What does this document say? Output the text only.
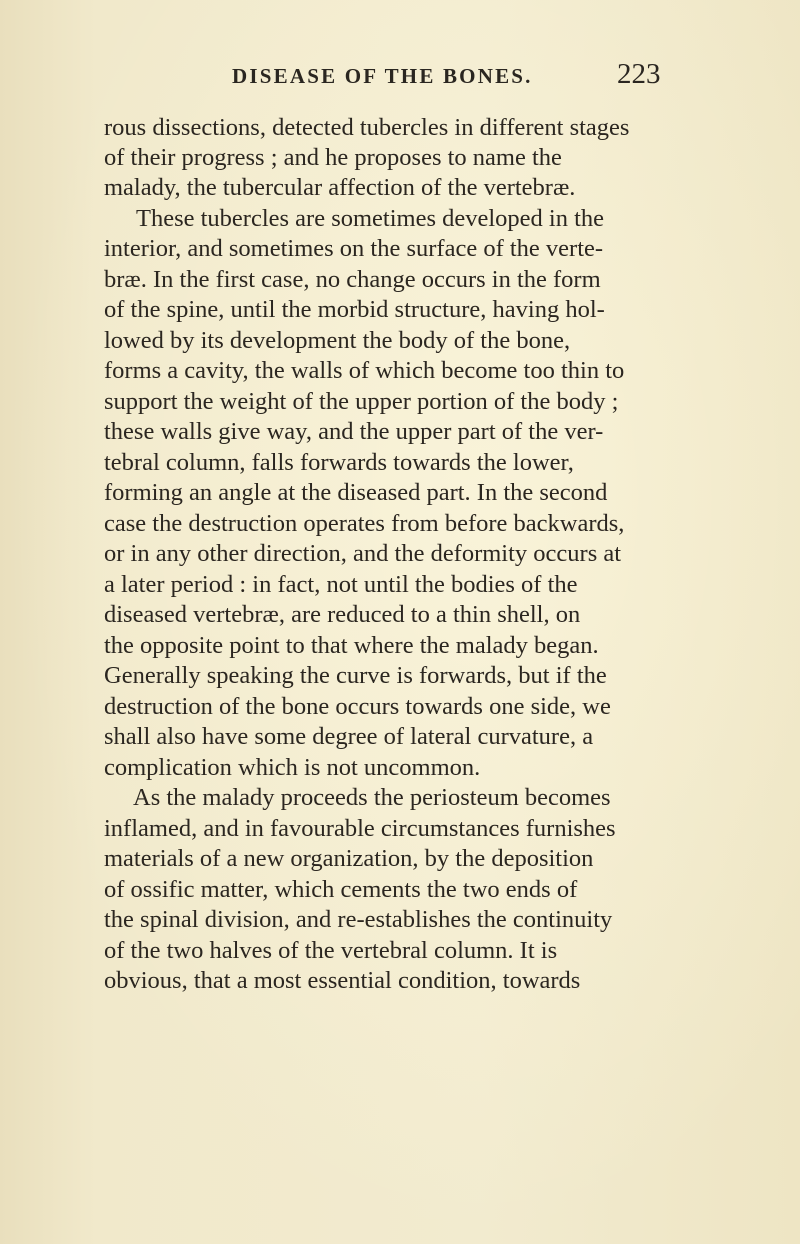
DISEASE OF THE BONES.	223
rous dissections, detected tubercles in different stages
of their progress ; and he proposes to name the
malady, the tubercular affection of the vertebræ.
These tubercles are sometimes developed in the
interior, and sometimes on the surface of the verte-
bræ. In the first case, no change occurs in the form
of the spine, until the morbid structure, having hol-
lowed by its development the body of the bone,
forms a cavity, the walls of which become too thin to
support the weight of the upper portion of the body ;
these walls give way, and the upper part of the ver-
tebral column, falls forwards towards the lower,
forming an angle at the diseased part. In the second
case the destruction operates from before backwards,
or in any other direction, and the deformity occurs at
a later period : in fact, not until the bodies of the
diseased vertebræ, are reduced to a thin shell, on
the opposite point to that where the malady began.
Generally speaking the curve is forwards, but if the
destruction of the bone occurs towards one side, we
shall also have some degree of lateral curvature, a
complication which is not uncommon.
As the malady proceeds the periosteum becomes
inflamed, and in favourable circumstances furnishes
materials of a new organization, by the deposition
of ossific matter, which cements the two ends of
the spinal division, and re-establishes the continuity
of the two halves of the vertebral column. It is
obvious, that a most essential condition, towards
